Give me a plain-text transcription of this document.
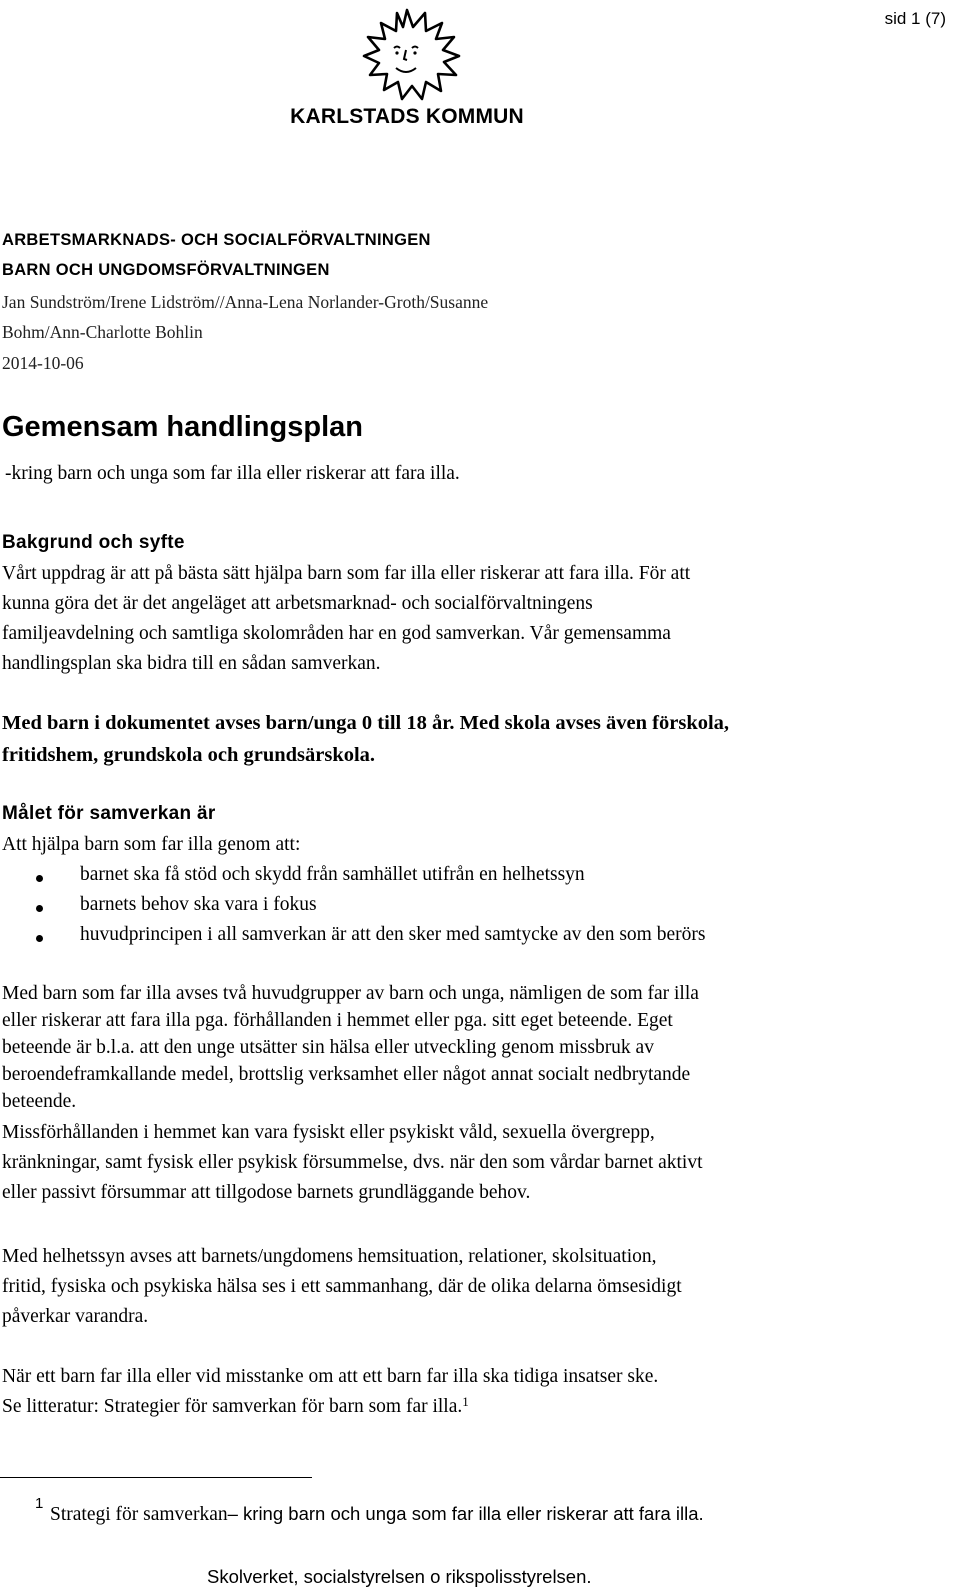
sid 1 (7)
KARLSTADS KOMMUN
ARBETSMARKNADS- OCH SOCIALFÖRVALTNINGEN
BARN OCH UNGDOMSFÖRVALTNINGEN
Jan Sundström/Irene Lidström//Anna-Lena Norlander-Groth/Susanne
Bohm/Ann-Charlotte Bohlin
2014-10-06
Gemensam handlingsplan
-kring barn och unga som far illa eller riskerar att fara illa.
Bakgrund och syfte
Vårt uppdrag är att på bästa sätt hjälpa barn som far illa eller riskerar att fara illa. För att
kunna göra det är det angeläget att arbetsmarknad- och socialförvaltningens
familjeavdelning och samtliga skolområden har en god samverkan. Vår gemensamma
handlingsplan ska bidra till en sådan samverkan.
Med barn i dokumentet avses barn/unga 0 till 18 år. Med skola avses även förskola,
fritidshem, grundskola och grundsärskola.
Målet för samverkan är
Att hjälpa barn som far illa genom att:
barnet ska få stöd och skydd från samhället utifrån en helhetssyn
barnets behov ska vara i fokus
huvudprincipen i all samverkan är att den sker med samtycke av den som berörs
Med barn som far illa avses två huvudgrupper av barn och unga, nämligen de som far illa
eller riskerar att fara illa pga. förhållanden i hemmet eller pga. sitt eget beteende. Eget
beteende är b.l.a. att den unge utsätter sin hälsa eller utveckling genom missbruk av
beroendeframkallande medel, brottslig verksamhet eller något annat socialt nedbrytande
beteende.
Missförhållanden i hemmet kan vara fysiskt eller psykiskt våld, sexuella övergrepp,
kränkningar, samt fysisk eller psykisk försummelse, dvs. när den som vårdar barnet aktivt
eller passivt försummar att tillgodose barnets grundläggande behov.
Med helhetssyn avses att barnets/ungdomens hemsituation, relationer, skolsituation,
fritid, fysiska och psykiska hälsa ses i ett sammanhang, där de olika delarna ömsesidigt
påverkar varandra.
När ett barn far illa eller vid misstanke om att ett barn far illa ska tidiga insatser ske.
Se litteratur: Strategier för samverkan för barn som far illa.$^1$
1
Strategi för samverkan– kring barn och unga som far illa eller riskerar att fara illa.
Skolverket, socialstyrelsen o rikspolisstyrelsen.
